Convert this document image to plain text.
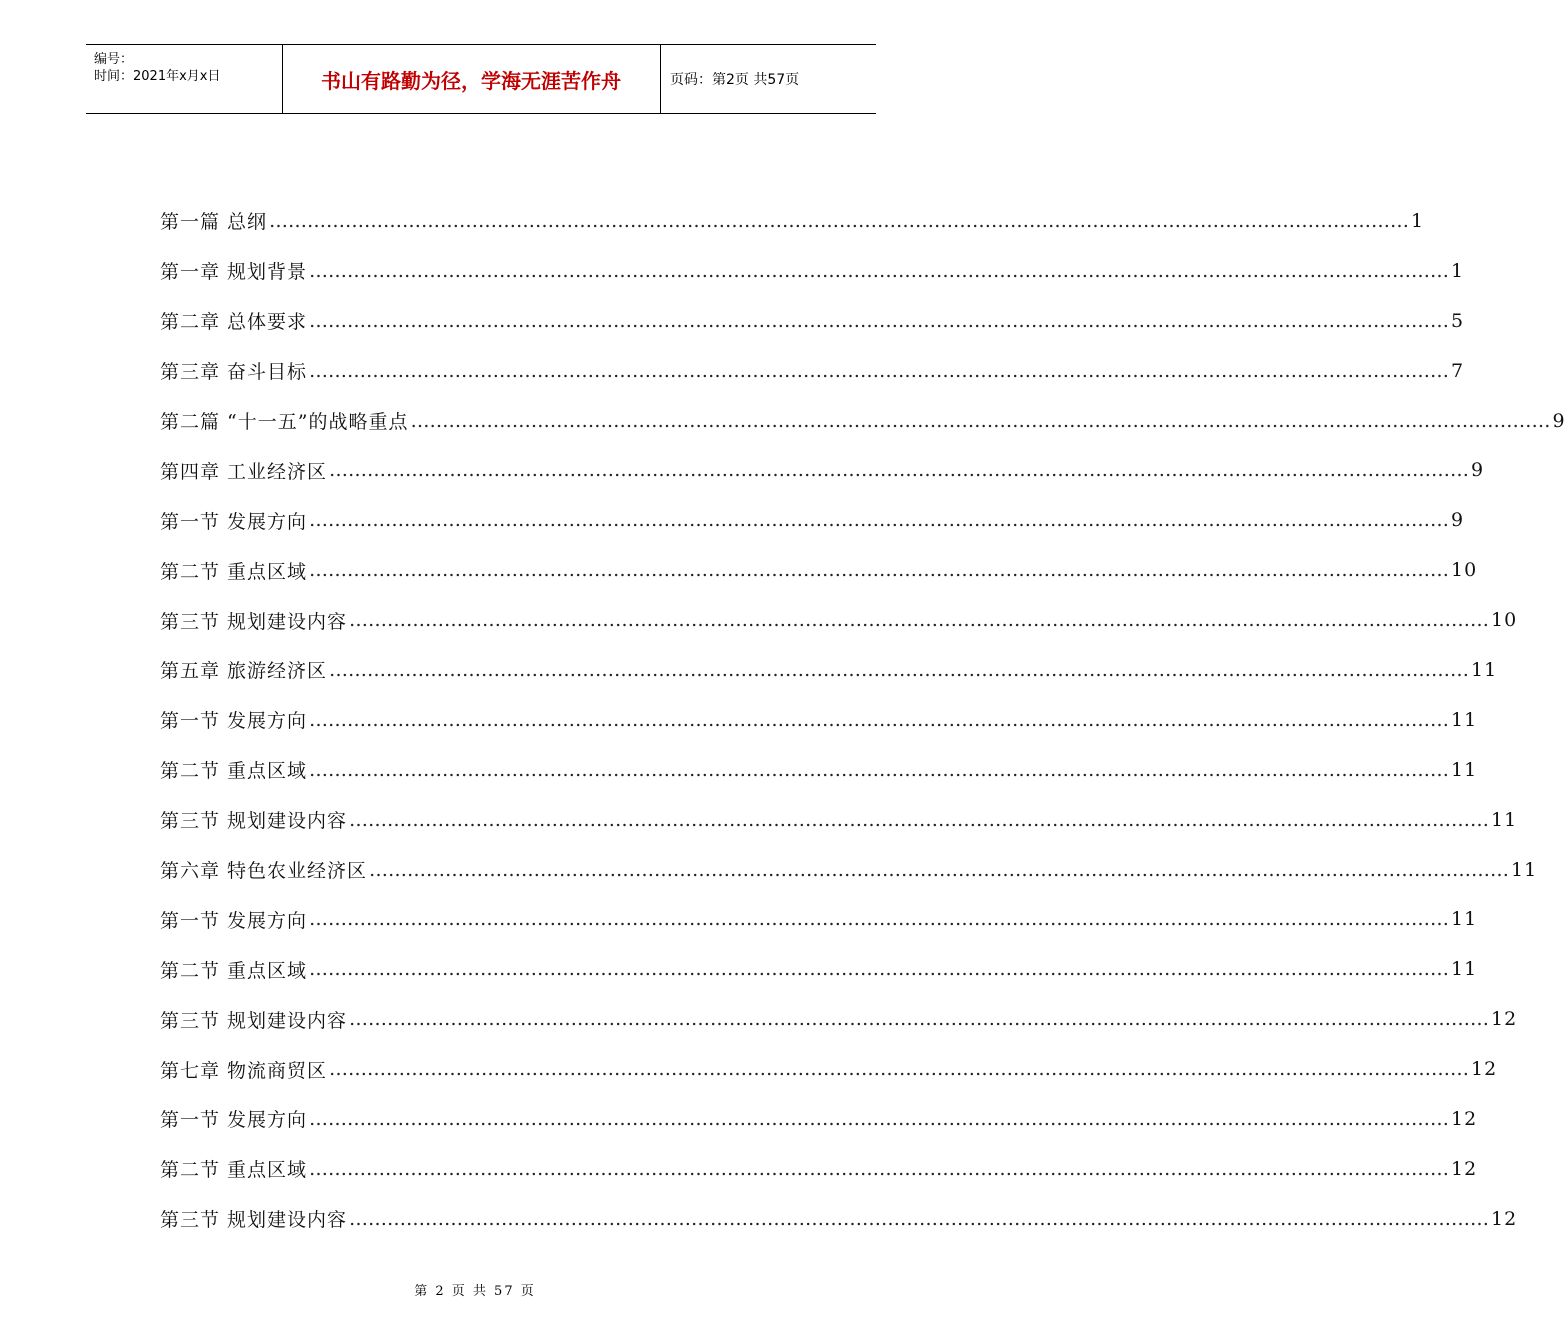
编号：
时间：2021年x月x日	书山有路勤为径，学海无涯苦作舟	页码：第2页 共57页
第一篇 总纲 ……………………………………………………………………………………………………………………………………………………………… 1
第一章 规划背景 ……………………………………………………………………………………………………………………………………………………………… 1
第二章 总体要求 ……………………………………………………………………………………………………………………………………………………………… 5
第三章 奋斗目标 ……………………………………………………………………………………………………………………………………………………………… 7
第二篇 “十一五”的战略重点 ……………………………………………………………………………………………………………………………………………………………… 9
第四章 工业经济区 ……………………………………………………………………………………………………………………………………………………………… 9
第一节 发展方向 ……………………………………………………………………………………………………………………………………………………………… 9
第二节 重点区域 ……………………………………………………………………………………………………………………………………………………………… 10
第三节 规划建设内容 ……………………………………………………………………………………………………………………………………………………………… 10
第五章 旅游经济区 ……………………………………………………………………………………………………………………………………………………………… 11
第一节 发展方向 ……………………………………………………………………………………………………………………………………………………………… 11
第二节 重点区域 ……………………………………………………………………………………………………………………………………………………………… 11
第三节 规划建设内容 ……………………………………………………………………………………………………………………………………………………………… 11
第六章 特色农业经济区 ……………………………………………………………………………………………………………………………………………………………… 11
第一节 发展方向 ……………………………………………………………………………………………………………………………………………………………… 11
第二节 重点区域 ……………………………………………………………………………………………………………………………………………………………… 11
第三节 规划建设内容 ……………………………………………………………………………………………………………………………………………………………… 12
第七章 物流商贸区 ……………………………………………………………………………………………………………………………………………………………… 12
第一节 发展方向 ……………………………………………………………………………………………………………………………………………………………… 12
第二节 重点区域 ……………………………………………………………………………………………………………………………………………………………… 12
第三节 规划建设内容 ……………………………………………………………………………………………………………………………………………………………… 12
第 2 页 共 57 页
